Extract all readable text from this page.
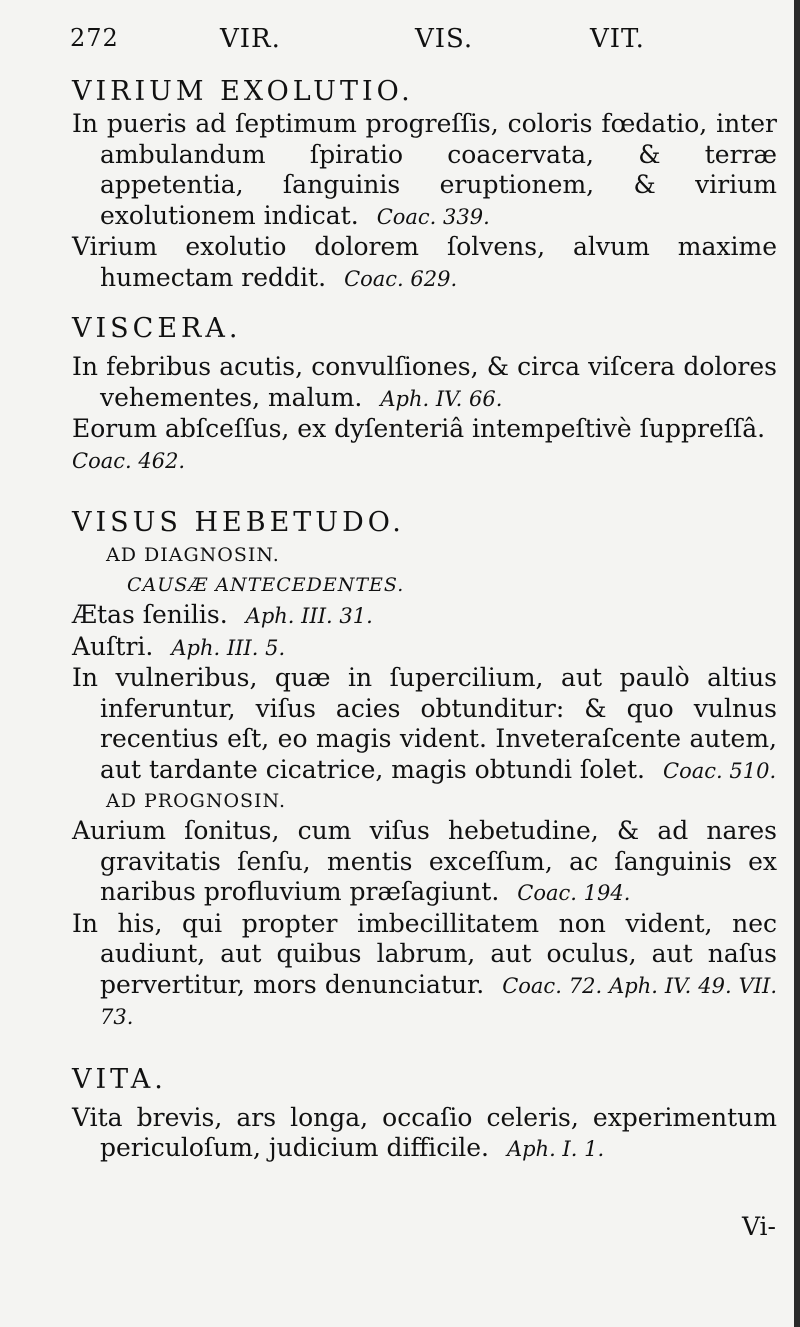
272	VIR.	VIS.	VIT.

VIRIUM EXOLUTIO.

In pueris ad ſeptimum progreſſis, coloris fœdatio, inter ambulandum ſpiratio coacervata, & terræ appetentia, ſanguinis eruptionem, & virium exolutionem indicat. Coac. 339.

Virium exolutio dolorem ſolvens, alvum maxime humectam reddit. Coac. 629.

VISCERA.

In febribus acutis, convulſiones, & circa viſcera dolores vehementes, malum. Aph. IV. 66.

Eorum abſceſſus, ex dyſenteriâ intempeſtivè ſuppreſſâ.
Coac. 462.

VISUS HEBETUDO.

AD DIAGNOSIN.

CAUSÆ ANTECEDENTES.

Ætas ſenilis. Aph. III. 31.

Auſtri. Aph. III. 5.

In vulneribus, quæ in ſupercilium, aut paulò altius inferuntur, viſus acies obtunditur: & quo vulnus recentius eſt, eo magis vident. Inveteraſcente autem, aut tardante cicatrice, magis obtundi ſolet. Coac. 510.

AD PROGNOSIN.

Aurium ſonitus, cum viſus hebetudine, & ad nares gravitatis ſenſu, mentis exceſſum, ac ſanguinis ex naribus profluvium præſagiunt. Coac. 194.

In his, qui propter imbecillitatem non vident, nec audiunt, aut quibus labrum, aut oculus, aut naſus pervertitur, mors denunciatur. Coac. 72. Aph. IV. 49. VII. 73.

VITA.

Vita brevis, ars longa, occaſio celeris, experimentum periculoſum, judicium difficile. Aph. I. 1.

Vi-
